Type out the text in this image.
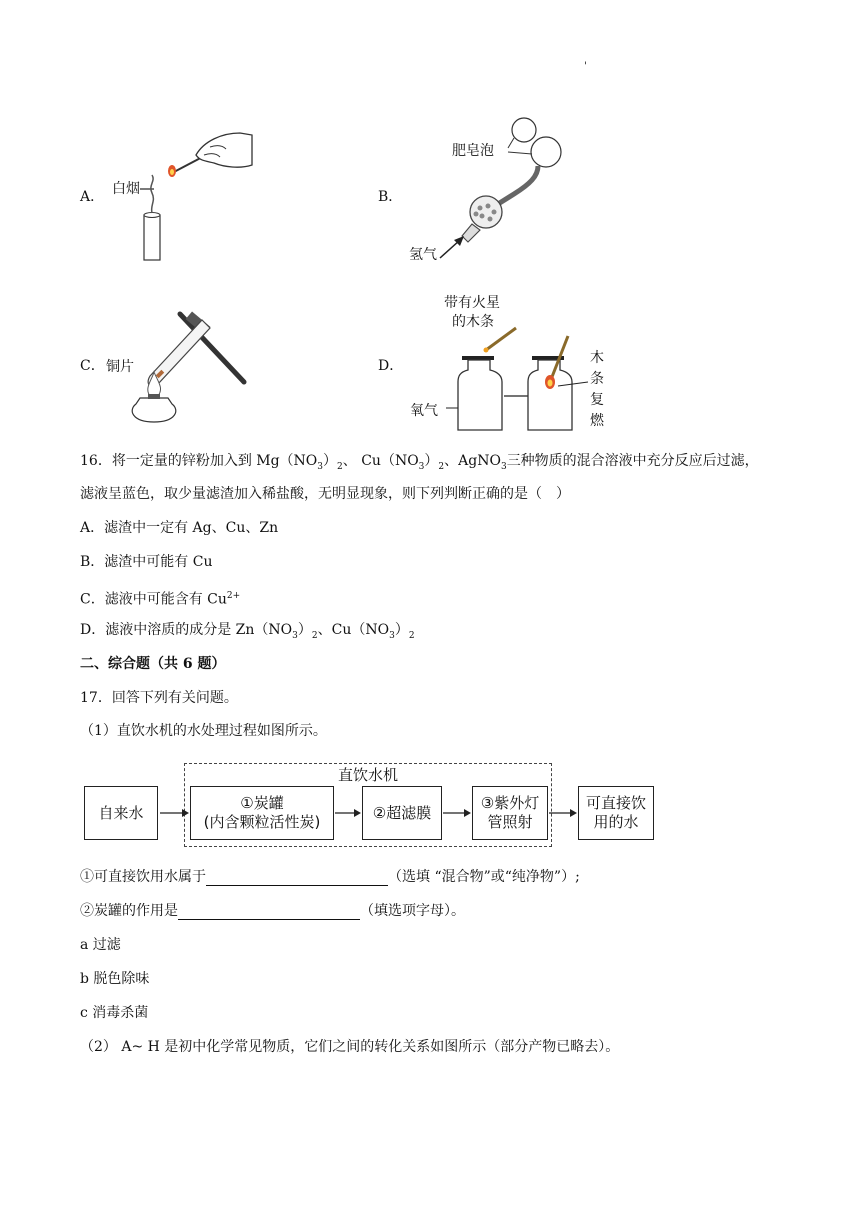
'
A． 白烟	B．
肥皂泡
氢气
C． 铜片	D．
带有火星
的木条
氧气
木
条
复
燃
16．将一定量的锌粉加入到 $Mg(NO_3)_2$、 $Cu(NO_3)_2$、AgNO$_3$三种物质的混合溶液中充分反应后过滤，
滤液呈蓝色，取少量滤渣加入稀盐酸，无明显现象，则下列判断正确的是（　）
A．滤渣中一定有 Ag、Cu、Zn
B．滤渣中可能有 Cu
C．滤液中可能含有 $Cu^{2+}$
D．滤液中溶质的成分是 $Zn(NO_3)_2$、$Cu(NO_3)_2$
二、综合题（共 6 题）
17．回答下列有关问题。
（1）直饮水机的水处理过程如图所示。
直饮水机
自来水
①炭罐
(内含颗粒活性炭)
②超滤膜
③紫外灯
管照射
可直接饮
用的水
①可直接饮用水属于	（选填 “混合物”或“纯净物”）;
②炭罐的作用是	（填选项字母）。
a 过滤
b 脱色除味
c 消毒杀菌
（2） A~ H 是初中化学常见物质，它们之间的转化关系如图所示（部分产物已略去）。
